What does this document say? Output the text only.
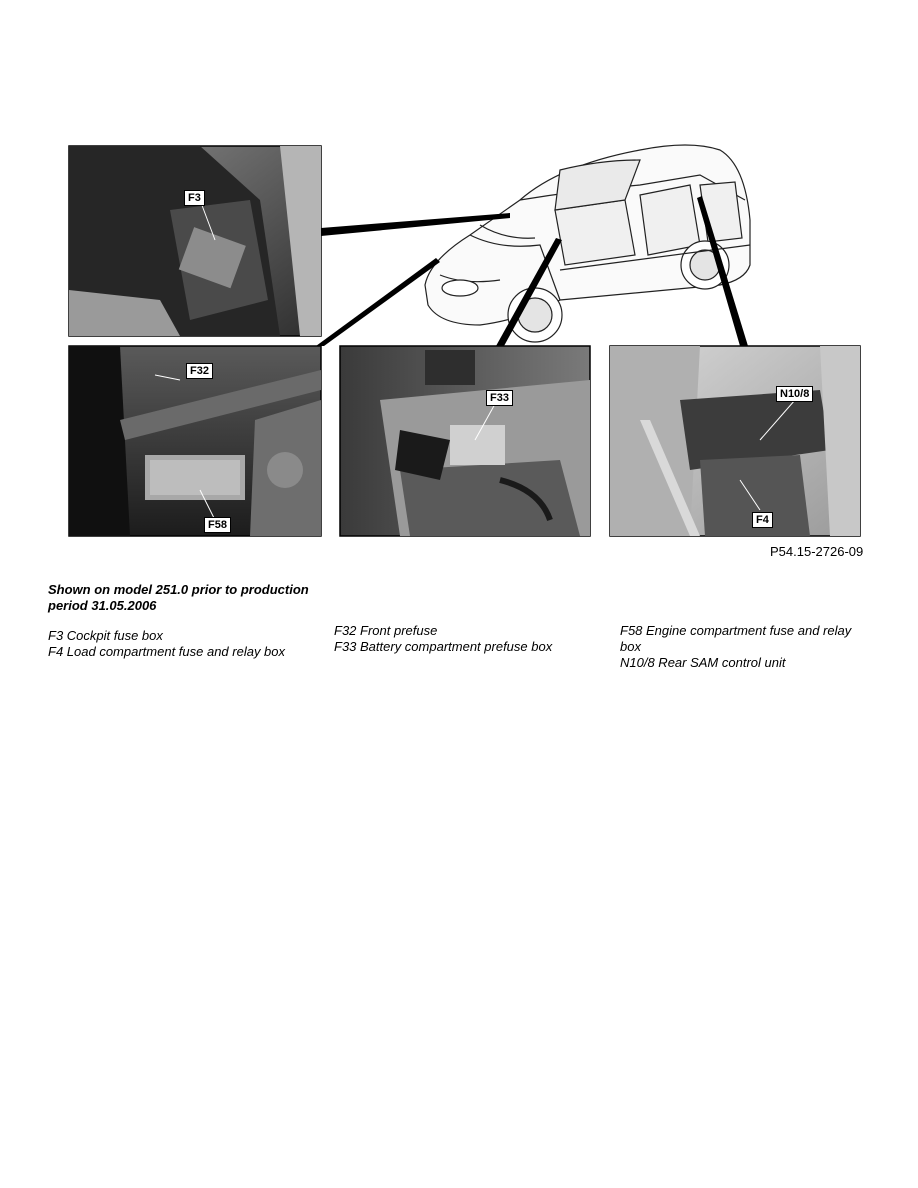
F3
F32
F58
F33	N10/8
F4
P54.15-2726-09
Shown on model 251.0 prior to production period 31.05.2006
F3 Cockpit fuse box
F4 Load compartment fuse and relay box
F32 Front prefuse
F33 Battery compartment prefuse box
F58 Engine compartment fuse and relay box
N10/8 Rear SAM control unit
